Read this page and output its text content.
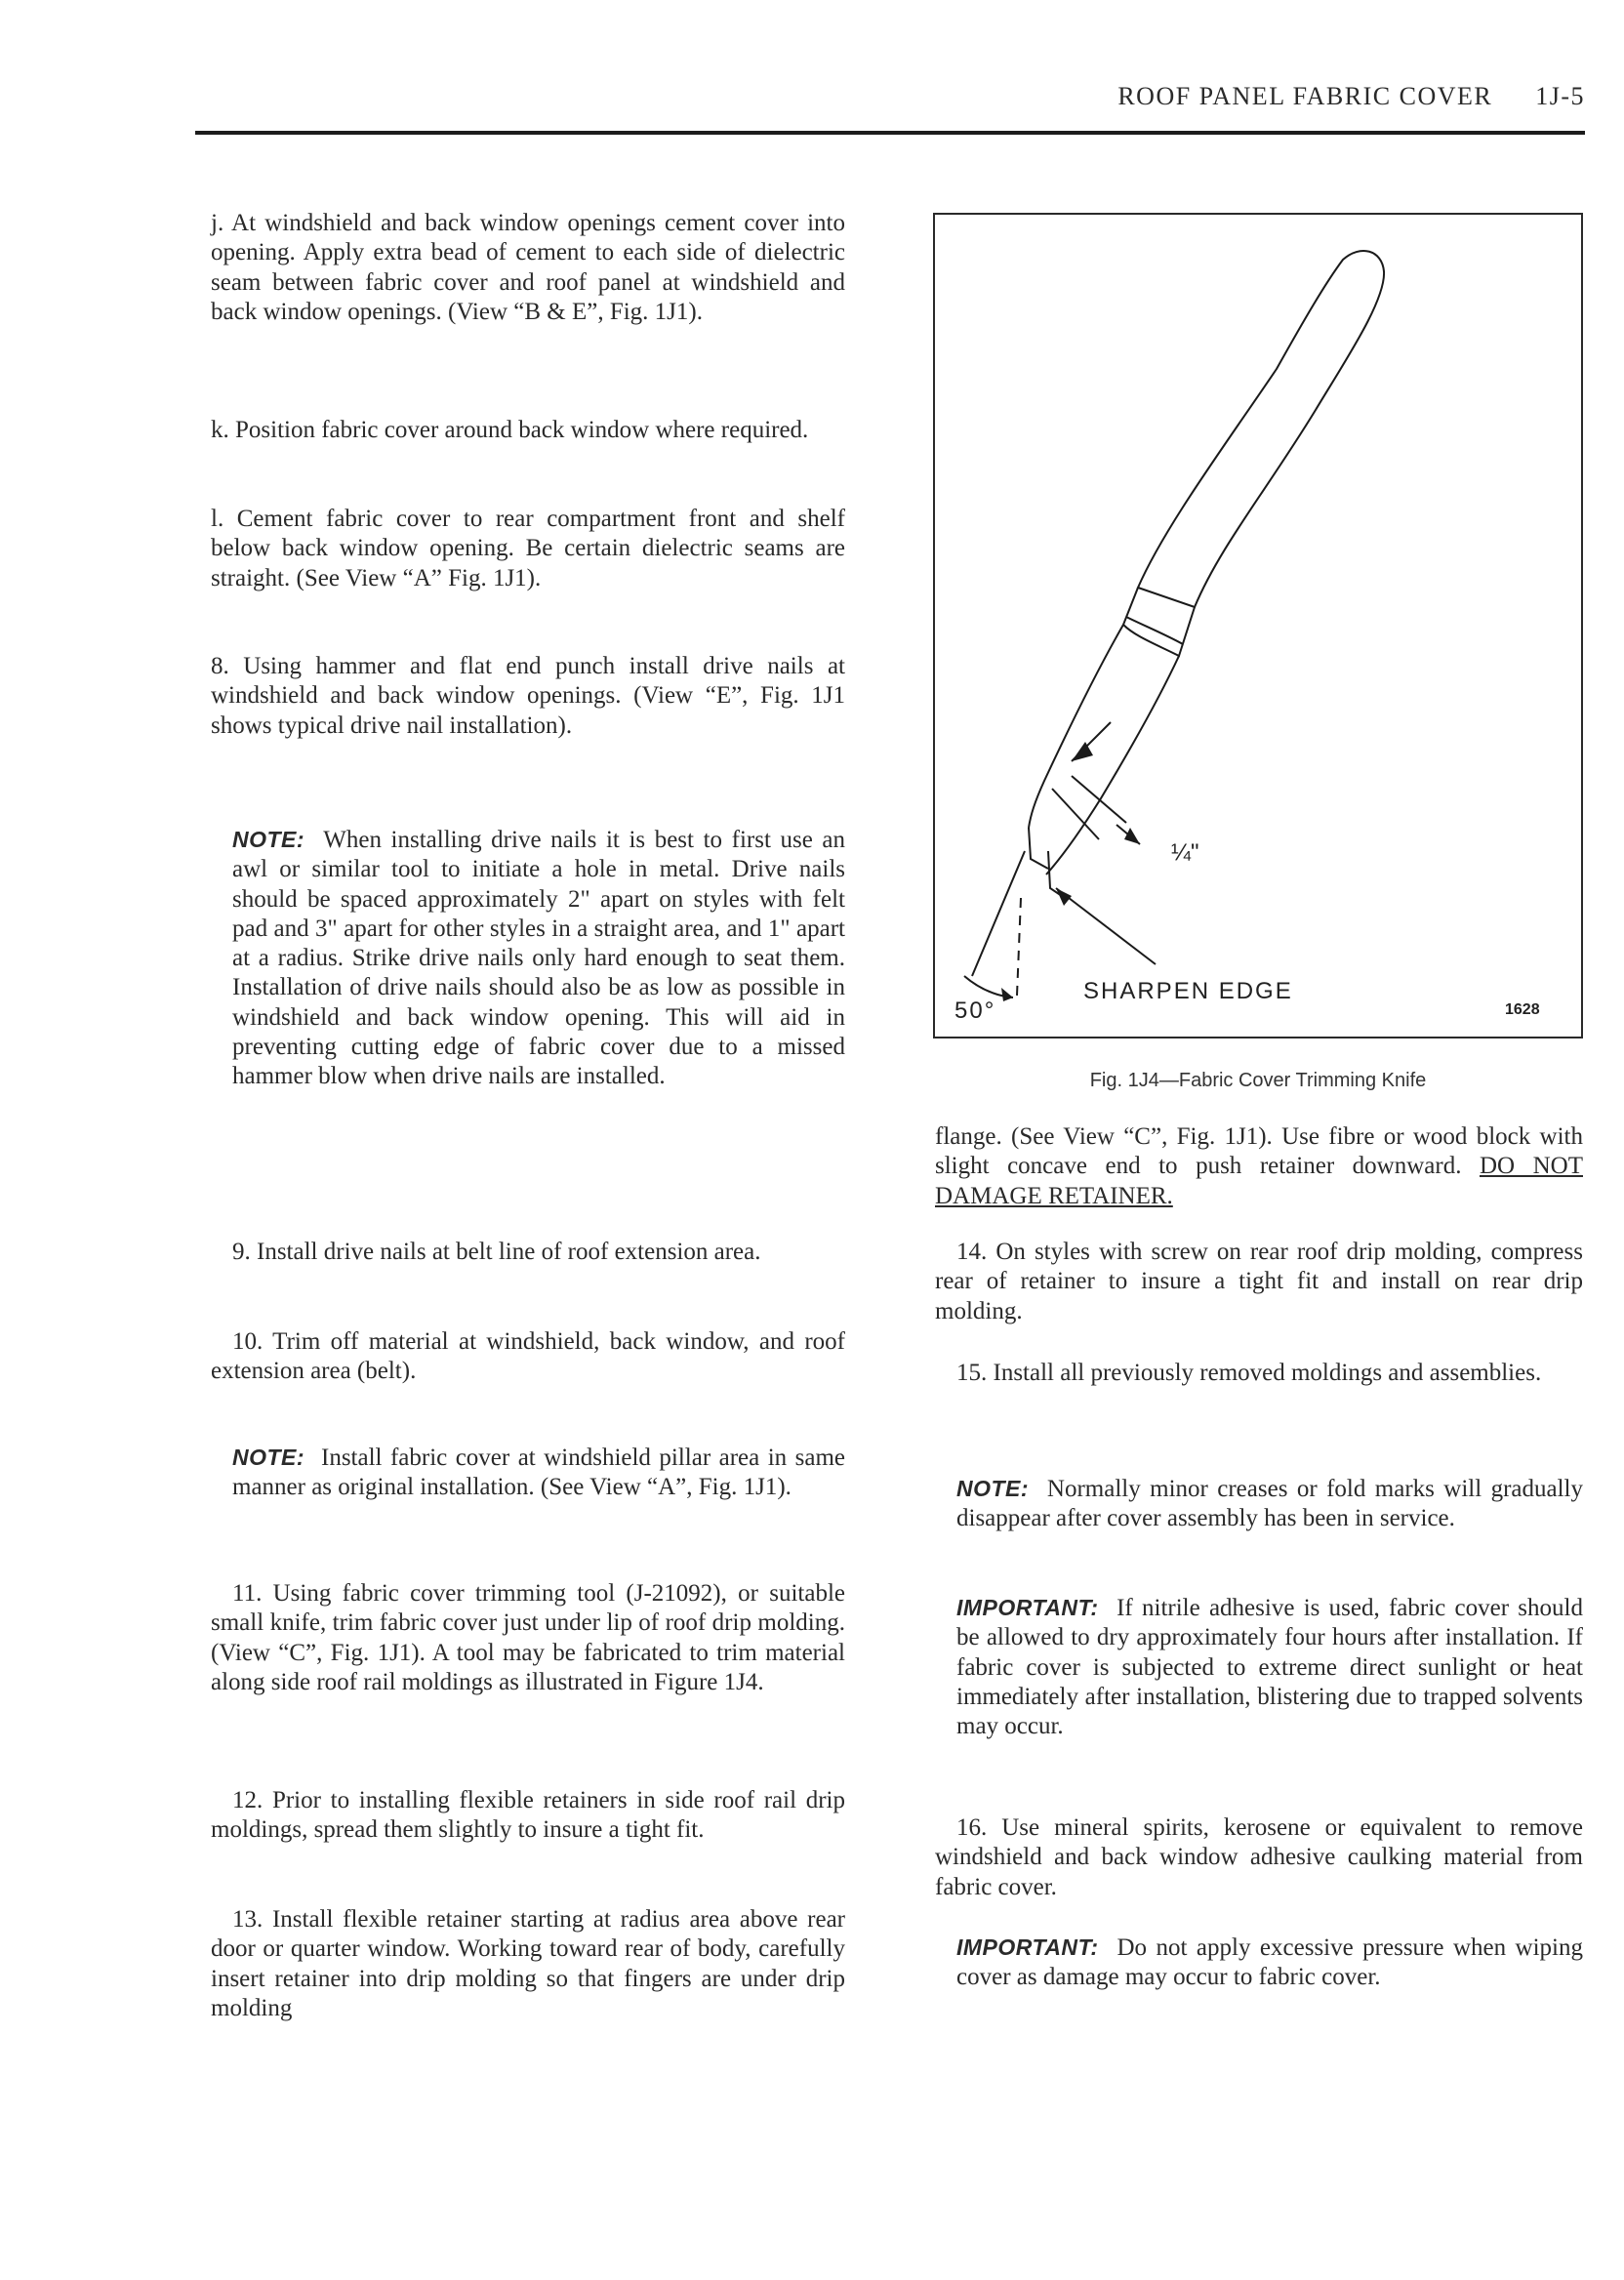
ROOF PANEL FABRIC COVER 1J-5

j. At windshield and back window openings cement cover into opening. Apply extra bead of cement to each side of dielectric seam between fabric cover and roof panel at windshield and back window openings. (View “B & E”, Fig. 1J1).

k. Position fabric cover around back window where required.

l. Cement fabric cover to rear compartment front and shelf below back window opening. Be certain dielectric seams are straight. (See View “A” Fig. 1J1).

8. Using hammer and flat end punch install drive nails at windshield and back window openings. (View “E”, Fig. 1J1 shows typical drive nail installation).

NOTE: When installing drive nails it is best to first use an awl or similar tool to initiate a hole in metal. Drive nails should be spaced approximately 2" apart on styles with felt pad and 3" apart for other styles in a straight area, and 1" apart at a radius. Strike drive nails only hard enough to seat them. Installation of drive nails should also be as low as possible in windshield and back window opening. This will aid in preventing cutting edge of fabric cover due to a missed hammer blow when drive nails are installed.

9. Install drive nails at belt line of roof extension area.

10. Trim off material at windshield, back window, and roof extension area (belt).

NOTE: Install fabric cover at windshield pillar area in same manner as original installation. (See View “A”, Fig. 1J1).

11. Using fabric cover trimming tool (J-21092), or suitable small knife, trim fabric cover just under lip of roof drip molding. (View “C”, Fig. 1J1). A tool may be fabricated to trim material along side roof rail moldings as illustrated in Figure 1J4.

12. Prior to installing flexible retainers in side roof rail drip moldings, spread them slightly to insure a tight fit.

13. Install flexible retainer starting at radius area above rear door or quarter window. Working toward rear of body, carefully insert retainer into drip molding so that fingers are under drip molding

¼"
SHARPEN EDGE
50°	1628
Fig. 1J4—Fabric Cover Trimming Knife

flange. (See View “C”, Fig. 1J1). Use fibre or wood block with slight concave end to push retainer downward. DO NOT DAMAGE RETAINER.

14. On styles with screw on rear roof drip molding, compress rear of retainer to insure a tight fit and install on rear drip molding.

15. Install all previously removed moldings and assemblies.

NOTE: Normally minor creases or fold marks will gradually disappear after cover assembly has been in service.

IMPORTANT: If nitrile adhesive is used, fabric cover should be allowed to dry approximately four hours after installation. If fabric cover is subjected to extreme direct sunlight or heat immediately after installation, blistering due to trapped solvents may occur.

16. Use mineral spirits, kerosene or equivalent to remove windshield and back window adhesive caulking material from fabric cover.

IMPORTANT: Do not apply excessive pressure when wiping cover as damage may occur to fabric cover.
